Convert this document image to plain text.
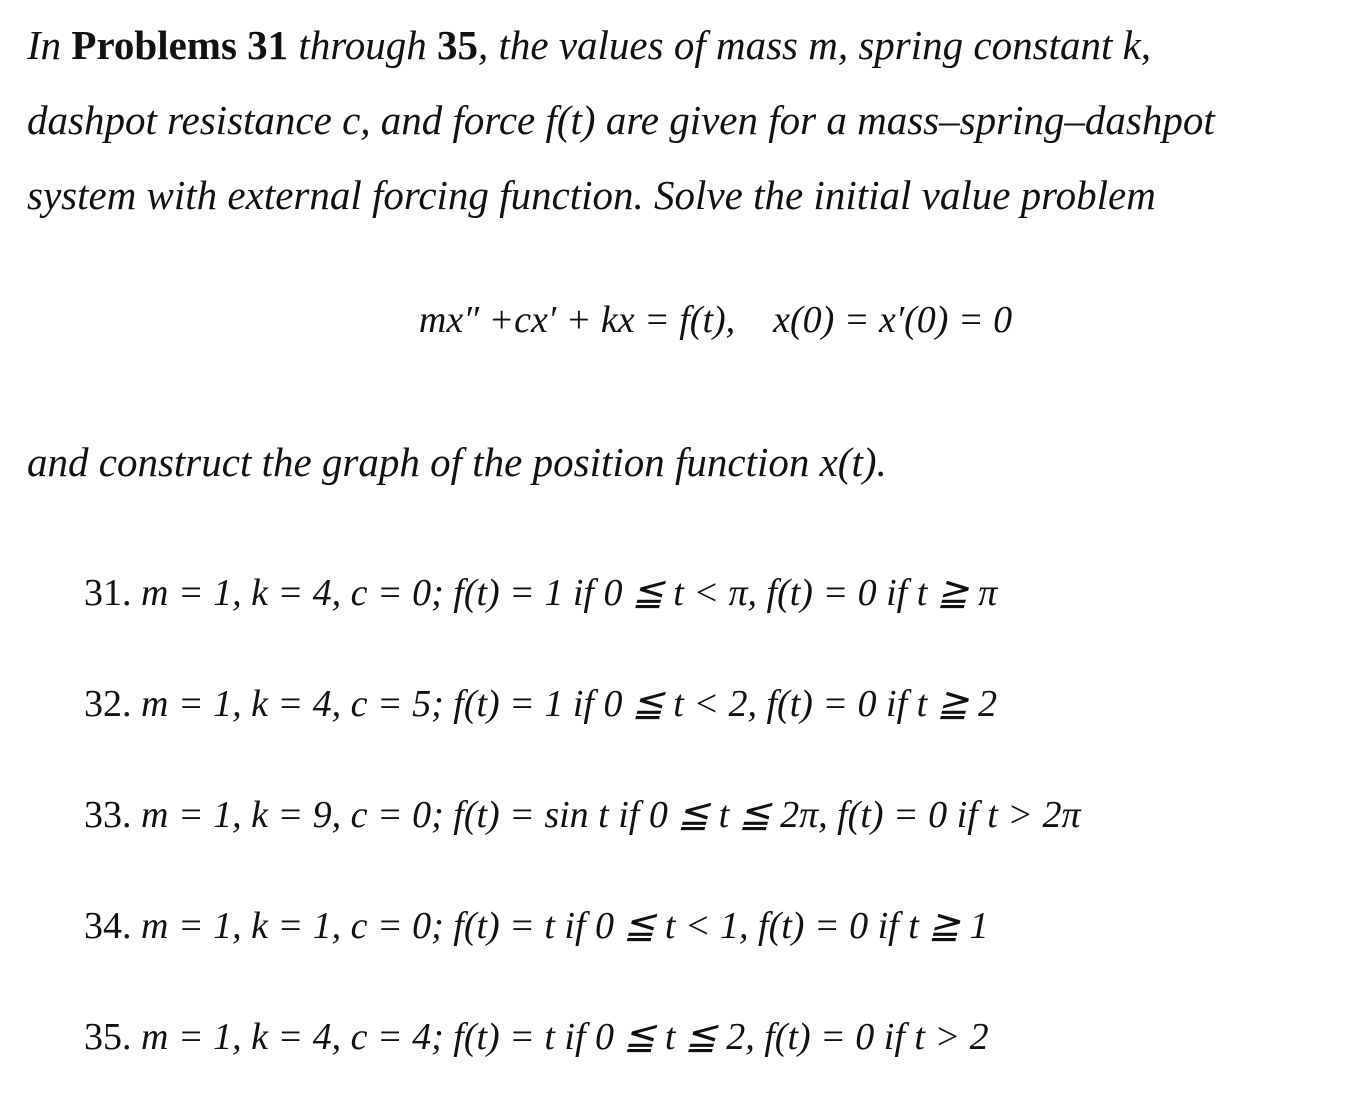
In Problems 31 through 35, the values of mass m, spring constant k,
dashpot resistance c, and force f(t) are given for a mass–spring–dashpot
system with external forcing function. Solve the initial value problem
mx″ +cx′ + kx = f(t),    x(0) = x′(0) = 0
and construct the graph of the position function x(t).
31. m = 1, k = 4, c = 0; f(t) = 1 if 0 ≦ t < π, f(t) = 0 if t ≧ π
32. m = 1, k = 4, c = 5; f(t) = 1 if 0 ≦ t < 2, f(t) = 0 if t ≧ 2
33. m = 1, k = 9, c = 0; f(t) = sin t if 0 ≦ t ≦ 2π, f(t) = 0 if t > 2π
34. m = 1, k = 1, c = 0; f(t) = t if 0 ≦ t < 1, f(t) = 0 if t ≧ 1
35. m = 1, k = 4, c = 4; f(t) = t if 0 ≦ t ≦ 2, f(t) = 0 if t > 2
